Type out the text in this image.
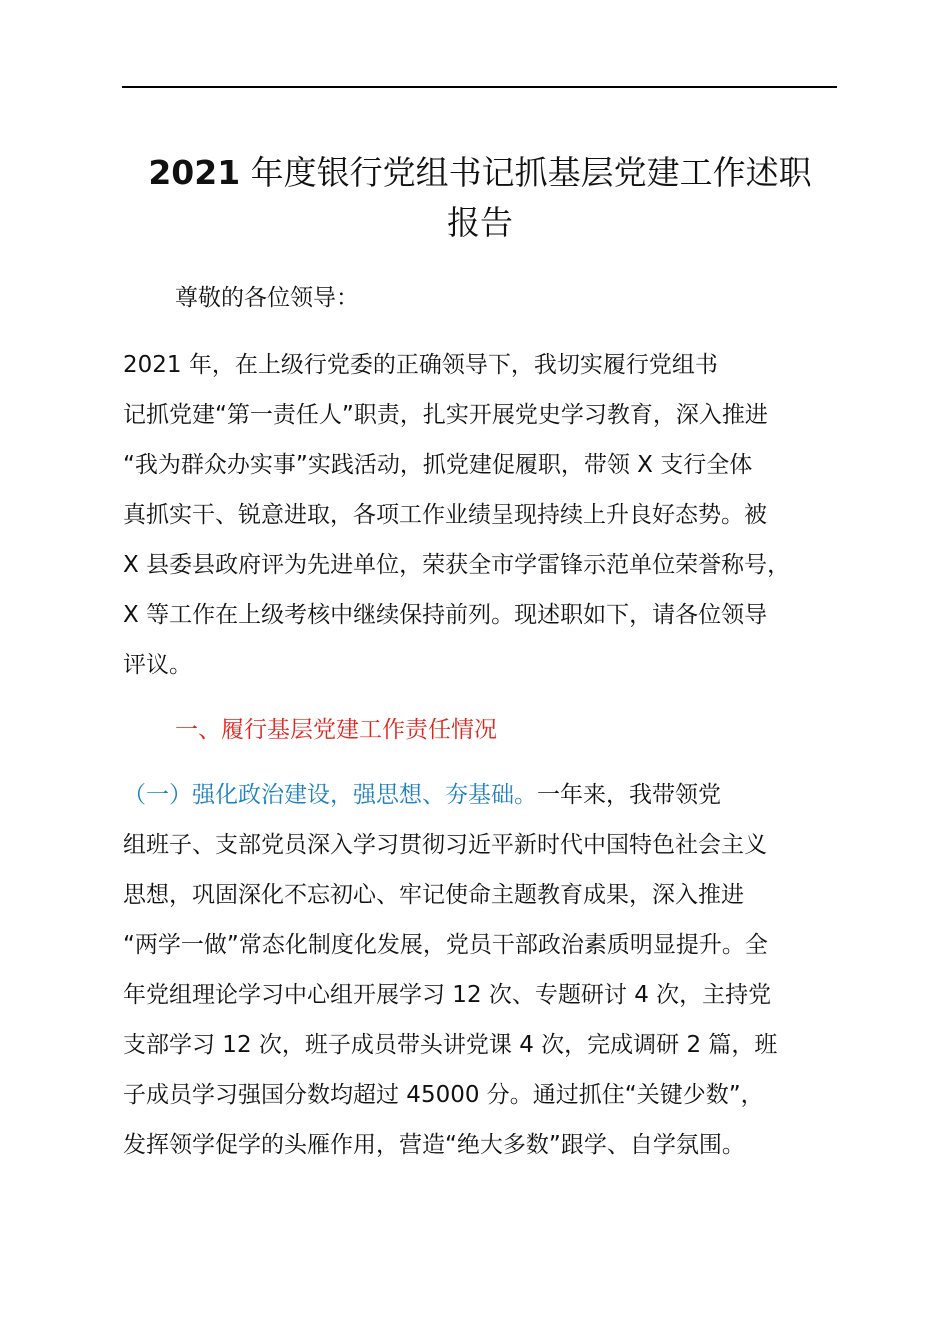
2021 年度银行党组书记抓基层党建工作述职
报告
尊敬的各位领导：
2021 年，在上级行党委的正确领导下，我切实履行党组书
记抓党建“第一责任人”职责，扎实开展党史学习教育，深入推进
“我为群众办实事”实践活动，抓党建促履职，带领 X 支行全体
真抓实干、锐意进取，各项工作业绩呈现持续上升良好态势。被
X 县委县政府评为先进单位，荣获全市学雷锋示范单位荣誉称号，
X 等工作在上级考核中继续保持前列。现述职如下，请各位领导
评议。
一、履行基层党建工作责任情况
（一）强化政治建设，强思想、夯基础。一年来，我带领党
组班子、支部党员深入学习贯彻习近平新时代中国特色社会主义
思想，巩固深化不忘初心、牢记使命主题教育成果，深入推进
“两学一做”常态化制度化发展，党员干部政治素质明显提升。全
年党组理论学习中心组开展学习 12 次、专题研讨 4 次，主持党
支部学习 12 次，班子成员带头讲党课 4 次，完成调研 2 篇，班
子成员学习强国分数均超过 45000 分。通过抓住“关键少数”，
发挥领学促学的头雁作用，营造“绝大多数”跟学、自学氛围。
